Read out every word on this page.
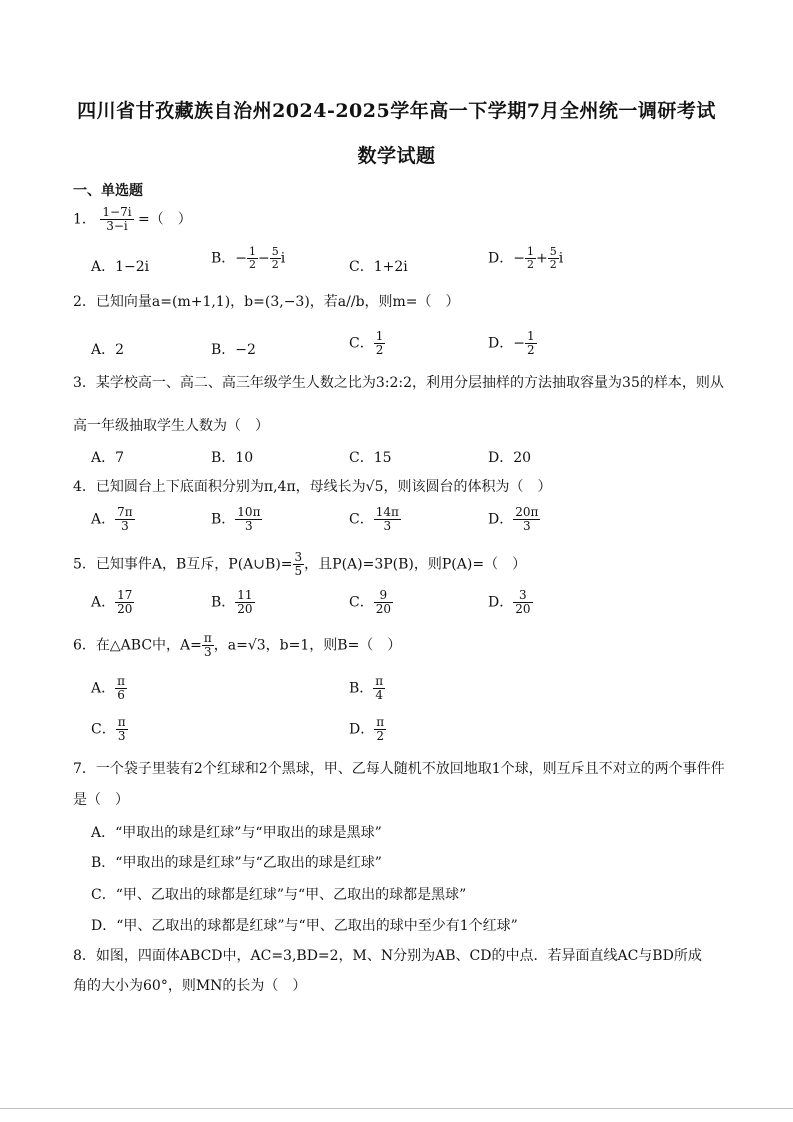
四川省甘孜藏族自治州2024-2025学年高一下学期7月全州统一调研考试
数学试题
一、单选题
1． $\frac{1-7i}{3-i}$ =（　）
A．1−2i
B．− $\frac{1}{2} - \frac{5}{2}$ i
C．1+2i
D．− $\frac{1}{2} + \frac{5}{2}$ i
2．已知向量a=(m+1,1)，b=(3,−3)，若a//b，则m=（　）
A．2	B．−2	C． $\frac{1}{2}$	D．− $\frac{1}{2}$
3．某学校高一、高二、高三年级学生人数之比为3:2:2，利用分层抽样的方法抽取容量为35的样本，则从
高一年级抽取学生人数为（　）
A．7	B．10	C．15	D．20
4．已知圆台上下底面积分别为π,4π，母线长为√5，则该圆台的体积为（　）
A． $\frac{7\pi}{3}$	B． $\frac{10\pi}{3}$	C． $\frac{14\pi}{3}$	D． $\frac{20\pi}{3}$
5．已知事件A，B互斥，P(A∪B)= $\frac{3}{5}$ ，且P(A)=3P(B)，则P(A)=（　）
A． $\frac{17}{20}$	B． $\frac{11}{20}$	C． $\frac{9}{20}$	D． $\frac{3}{20}$
6．在△ABC中，$A= \frac{\pi}{3}$ ，a=√3，b=1，则B=（　）
A． $\frac{\pi}{6}$	B． $\frac{\pi}{4}$
C． $\frac{\pi}{3}$	D． $\frac{\pi}{2}$
7．一个袋子里装有2个红球和2个黑球，甲、乙每人随机不放回地取1个球，则互斥且不对立的两个事件件
是（　）
A．“甲取出的球是红球”与“甲取出的球是黑球”
B．“甲取出的球是红球”与“乙取出的球是红球”
C．“甲、乙取出的球都是红球”与“甲、乙取出的球都是黑球”
D．“甲、乙取出的球都是红球”与“甲、乙取出的球中至少有1个红球”
8．如图，四面体ABCD中，AC=3,BD=2，M、N分别为AB、CD的中点．若异面直线AC与BD所成
角的大小为60°，则MN的长为（　）
